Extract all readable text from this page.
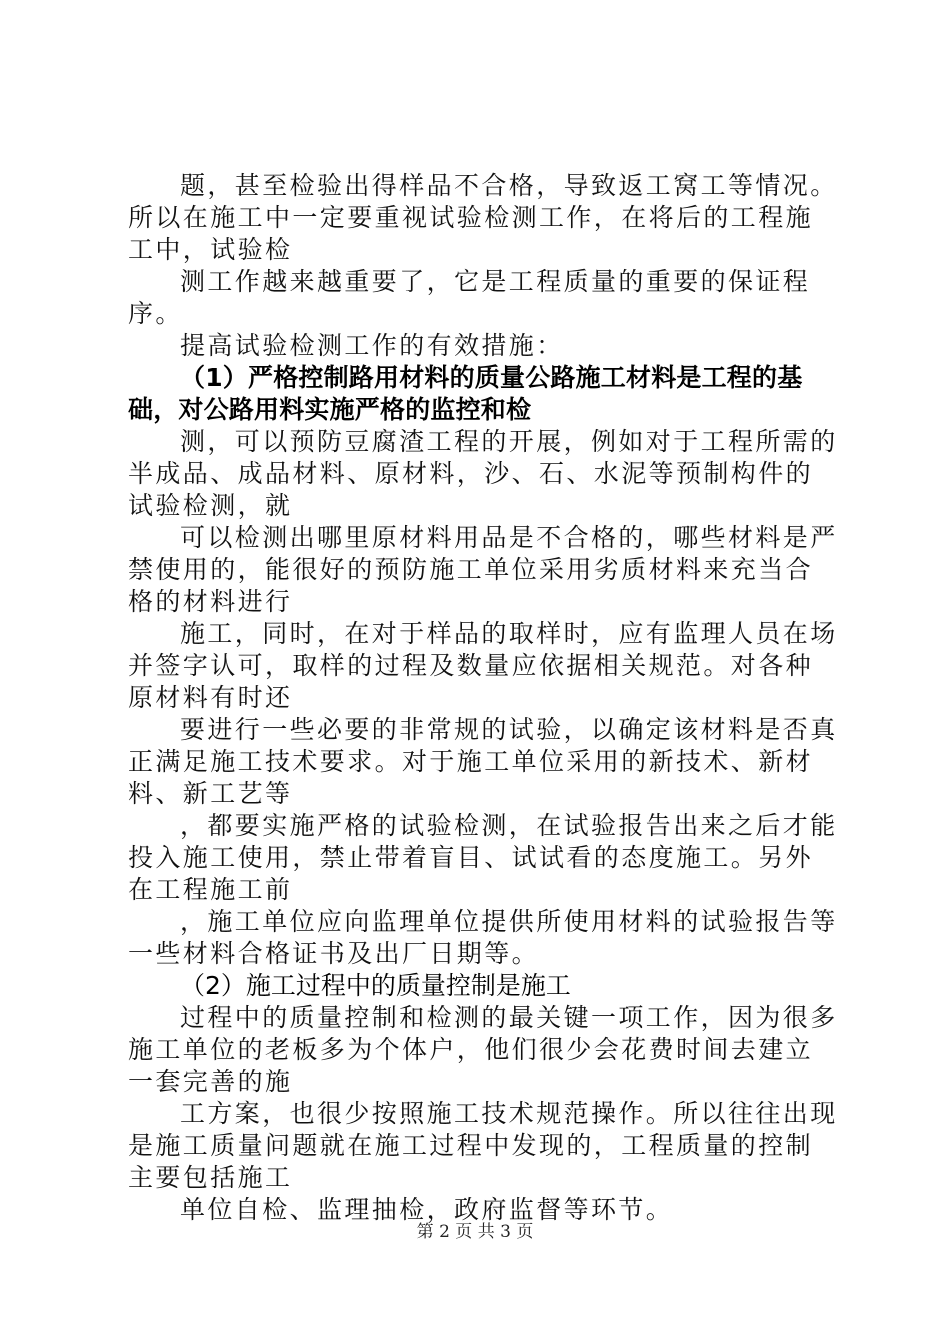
题，甚至检验出得样品不合格，导致返工窝工等情况。所以在施工中一定要重视试验检测工作，在将后的工程施工中，试验检

测工作越来越重要了，它是工程质量的重要的保证程序。

提高试验检测工作的有效措施：

（1）严格控制路用材料的质量公路施工材料是工程的基础，对公路用料实施严格的监控和检

测，可以预防豆腐渣工程的开展，例如对于工程所需的半成品、成品材料、原材料，沙、石、水泥等预制构件的试验检测，就

可以检测出哪里原材料用品是不合格的，哪些材料是严禁使用的，能很好的预防施工单位采用劣质材料来充当合格的材料进行

施工，同时，在对于样品的取样时，应有监理人员在场并签字认可，取样的过程及数量应依据相关规范。对各种原材料有时还

要进行一些必要的非常规的试验，以确定该材料是否真正满足施工技术要求。对于施工单位采用的新技术、新材料、新工艺等

，都要实施严格的试验检测，在试验报告出来之后才能投入施工使用，禁止带着盲目、试试看的态度施工。另外在工程施工前

，施工单位应向监理单位提供所使用材料的试验报告等一些材料合格证书及出厂日期等。

（2）施工过程中的质量控制是施工

过程中的质量控制和检测的最关键一项工作，因为很多施工单位的老板多为个体户，他们很少会花费时间去建立一套完善的施

工方案，也很少按照施工技术规范操作。所以往往出现是施工质量问题就在施工过程中发现的，工程质量的控制主要包括施工

单位自检、监理抽检，政府监督等环节。

第 2 页 共 3 页
